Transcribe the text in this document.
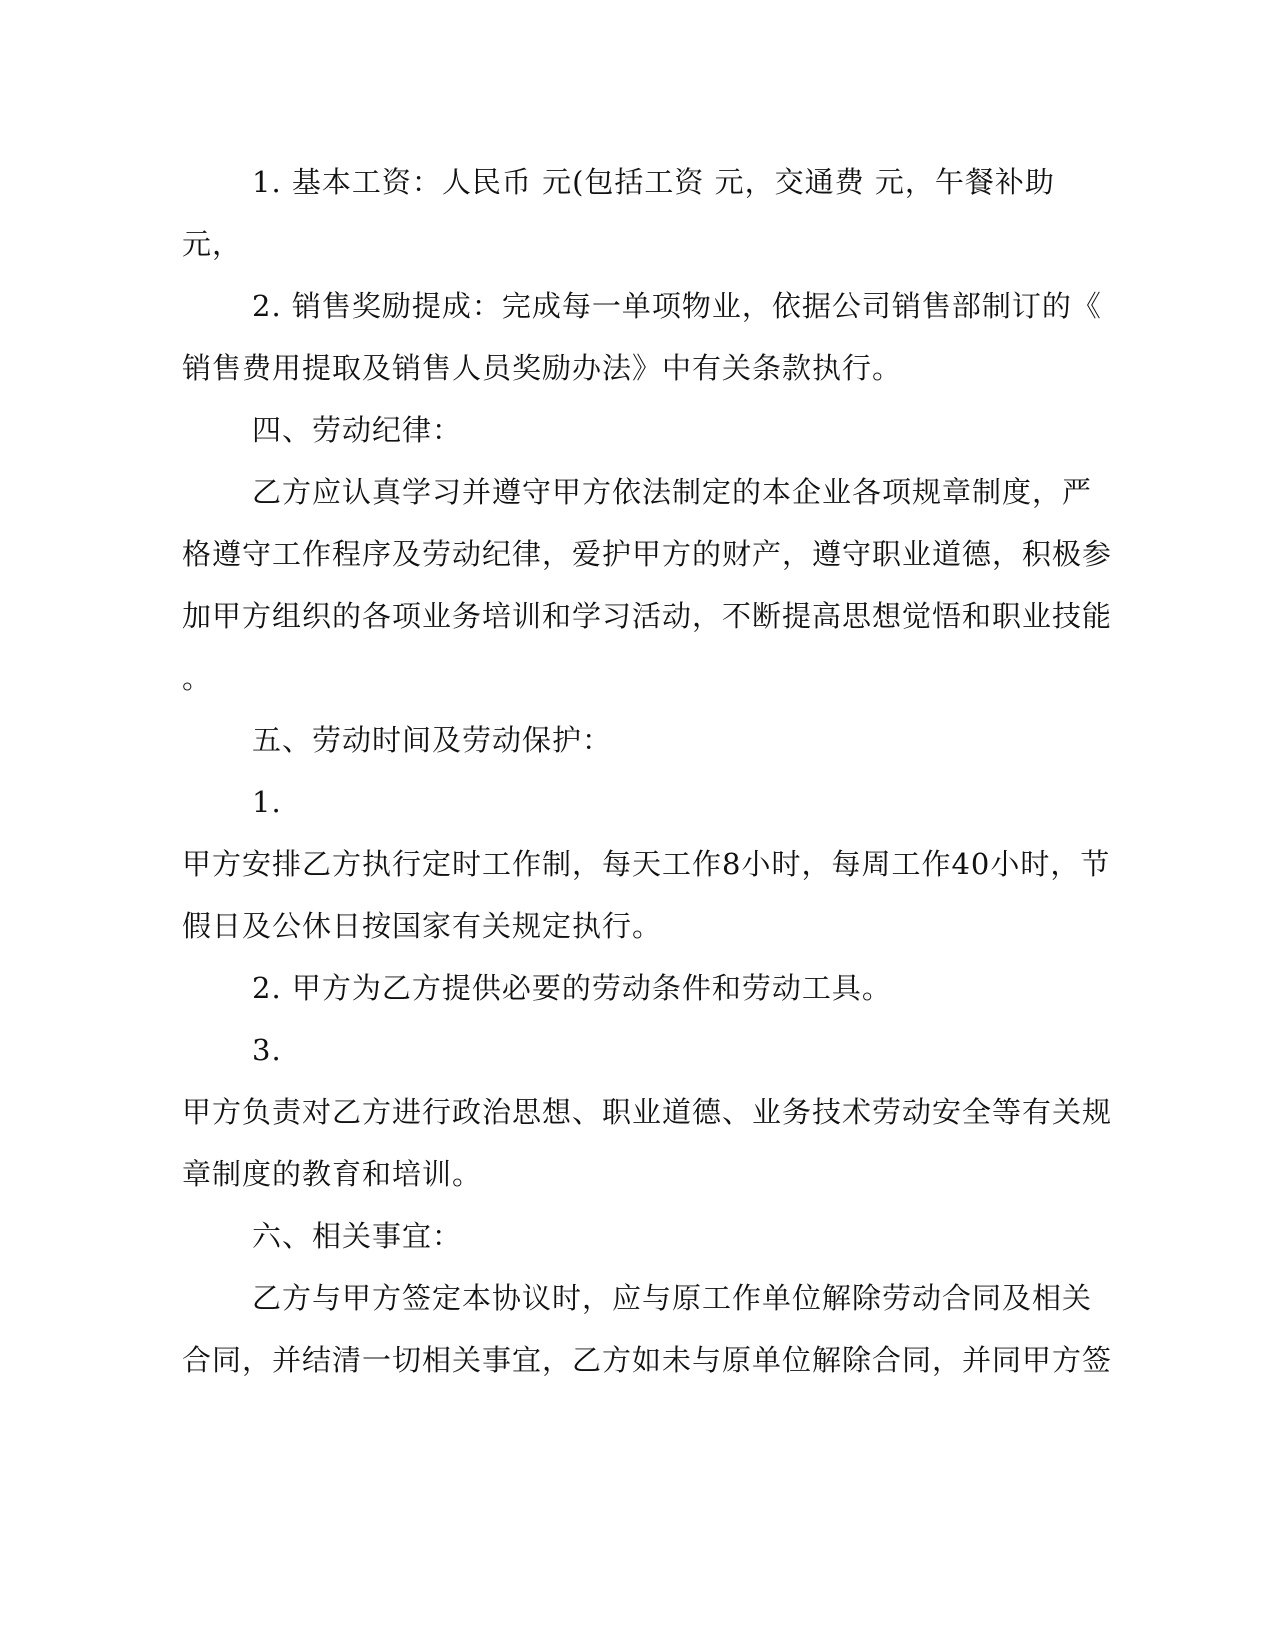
1. 基本工资：人民币 元(包括工资 元，交通费 元，午餐补助
元，
2. 销售奖励提成：完成每一单项物业，依据公司销售部制订的《
销售费用提取及销售人员奖励办法》中有关条款执行。
四、劳动纪律：
乙方应认真学习并遵守甲方依法制定的本企业各项规章制度，严
格遵守工作程序及劳动纪律，爱护甲方的财产，遵守职业道德，积极参
加甲方组织的各项业务培训和学习活动，不断提高思想觉悟和职业技能
。
五、劳动时间及劳动保护：
1.
甲方安排乙方执行定时工作制，每天工作8小时，每周工作40小时，节
假日及公休日按国家有关规定执行。
2. 甲方为乙方提供必要的劳动条件和劳动工具。
3.
甲方负责对乙方进行政治思想、职业道德、业务技术劳动安全等有关规
章制度的教育和培训。
六、相关事宜：
乙方与甲方签定本协议时，应与原工作单位解除劳动合同及相关
合同，并结清一切相关事宜，乙方如未与原单位解除合同，并同甲方签
